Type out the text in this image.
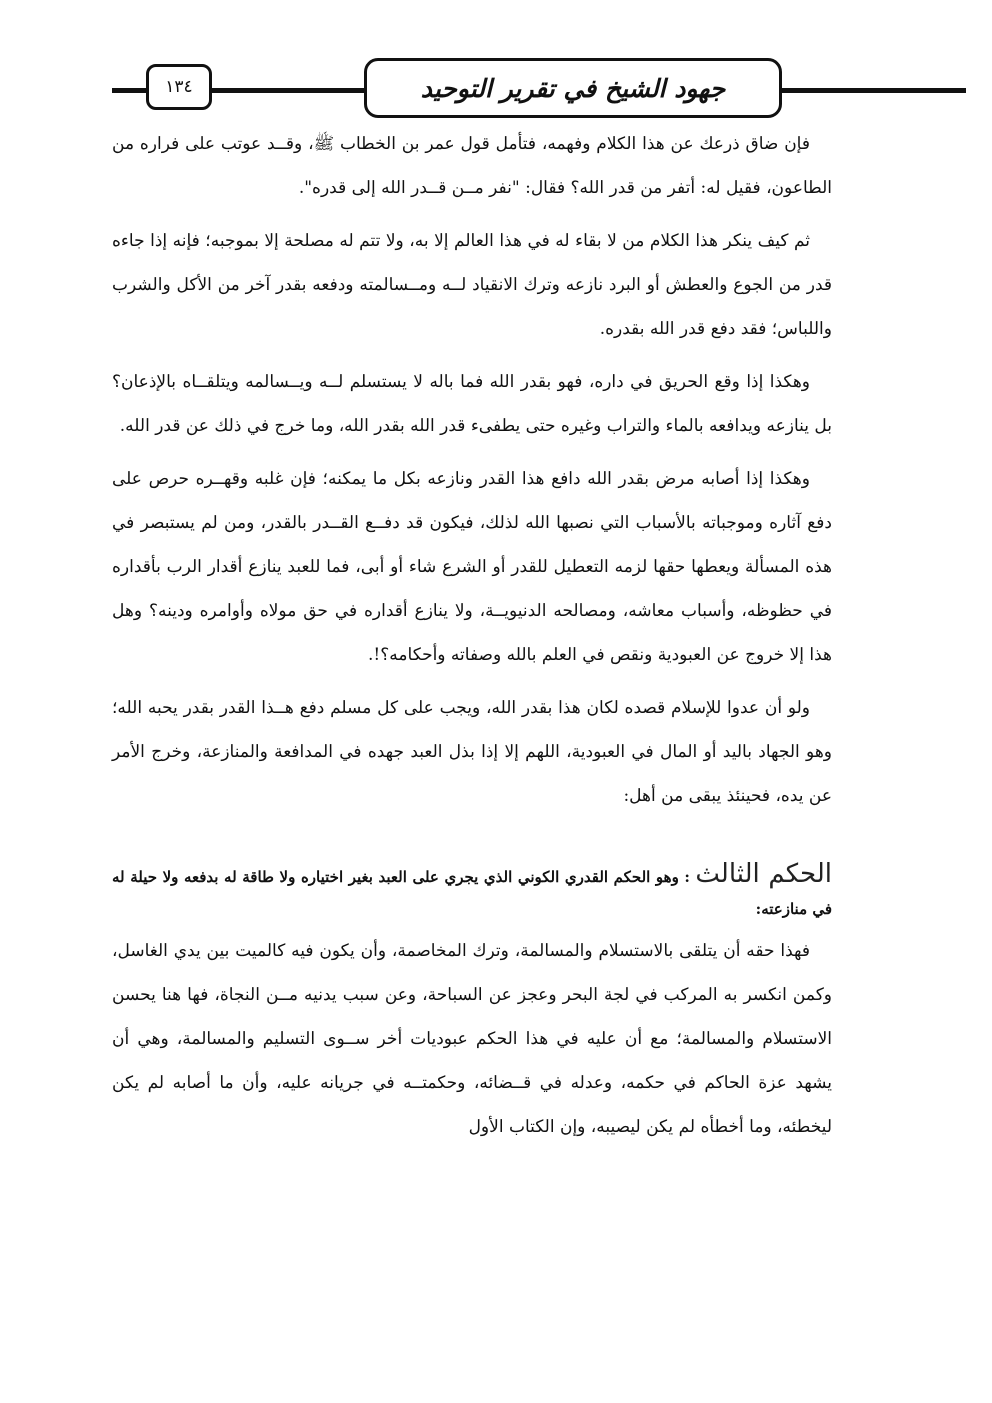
جهود الشيخ في تقرير التوحيد
١٣٤

فإن ضاق ذرعك عن هذا الكلام وفهمه، فتأمل قول عمر بن الخطاب ﷺ، وقــد عوتب على فراره من الطاعون، فقيل له: أتفر من قدر الله؟ فقال: "نفر مــن قــدر الله إلى قدره".

ثم كيف ينكر هذا الكلام من لا بقاء له في هذا العالم إلا به، ولا تتم له مصلحة إلا بموجبه؛ فإنه إذا جاءه قدر من الجوع والعطش أو البرد نازعه وترك الانقياد لــه ومــسالمته ودفعه بقدر آخر من الأكل والشرب واللباس؛ فقد دفع قدر الله بقدره.

وهكذا إذا وقع الحريق في داره، فهو بقدر الله فما باله لا يستسلم لــه ويــسالمه ويتلقــاه بالإذعان؟ بل ينازعه ويدافعه بالماء والتراب وغيره حتى يطفىء قدر الله بقدر الله، وما خرج في ذلك عن قدر الله.

وهكذا إذا أصابه مرض بقدر الله دافع هذا القدر ونازعه بكل ما يمكنه؛ فإن غلبه وقهــره حرص على دفع آثاره وموجباته بالأسباب التي نصبها الله لذلك، فيكون قد دفــع القــدر بالقدر، ومن لم يستبصر في هذه المسألة ويعطها حقها لزمه التعطيل للقدر أو الشرع شاء أو أبى، فما للعبد ينازع أقدار الرب بأقداره في حظوظه، وأسباب معاشه، ومصالحه الدنيويــة، ولا ينازع أقداره في حق مولاه وأوامره ودينه؟ وهل هذا إلا خروج عن العبودية ونقص في العلم بالله وصفاته وأحكامه؟!.

ولو أن عدوا للإسلام قصده لكان هذا بقدر الله، ويجب على كل مسلم دفع هــذا القدر بقدر يحبه الله؛ وهو الجهاد باليد أو المال في العبودية، اللهم إلا إذا بذل العبد جهده في المدافعة والمنازعة، وخرج الأمر عن يده، فحينئذ يبقى من أهل:

الحكم الثالث : وهو الحكم القدري الكوني الذي يجري على العبد بغير اختياره ولا طاقة له بدفعه ولا حيلة له في منازعته:

فهذا حقه أن يتلقى بالاستسلام والمسالمة، وترك المخاصمة، وأن يكون فيه كالميت بين يدي الغاسل، وكمن انكسر به المركب في لجة البحر وعجز عن السباحة، وعن سبب يدنيه مــن النجاة، فها هنا يحسن الاستسلام والمسالمة؛ مع أن عليه في هذا الحكم عبوديات أخر ســوى التسليم والمسالمة، وهي أن يشهد عزة الحاكم في حكمه، وعدله في قــضائه، وحكمتــه في جريانه عليه، وأن ما أصابه لم يكن ليخطئه، وما أخطأه لم يكن ليصيبه، وإن الكتاب الأول
